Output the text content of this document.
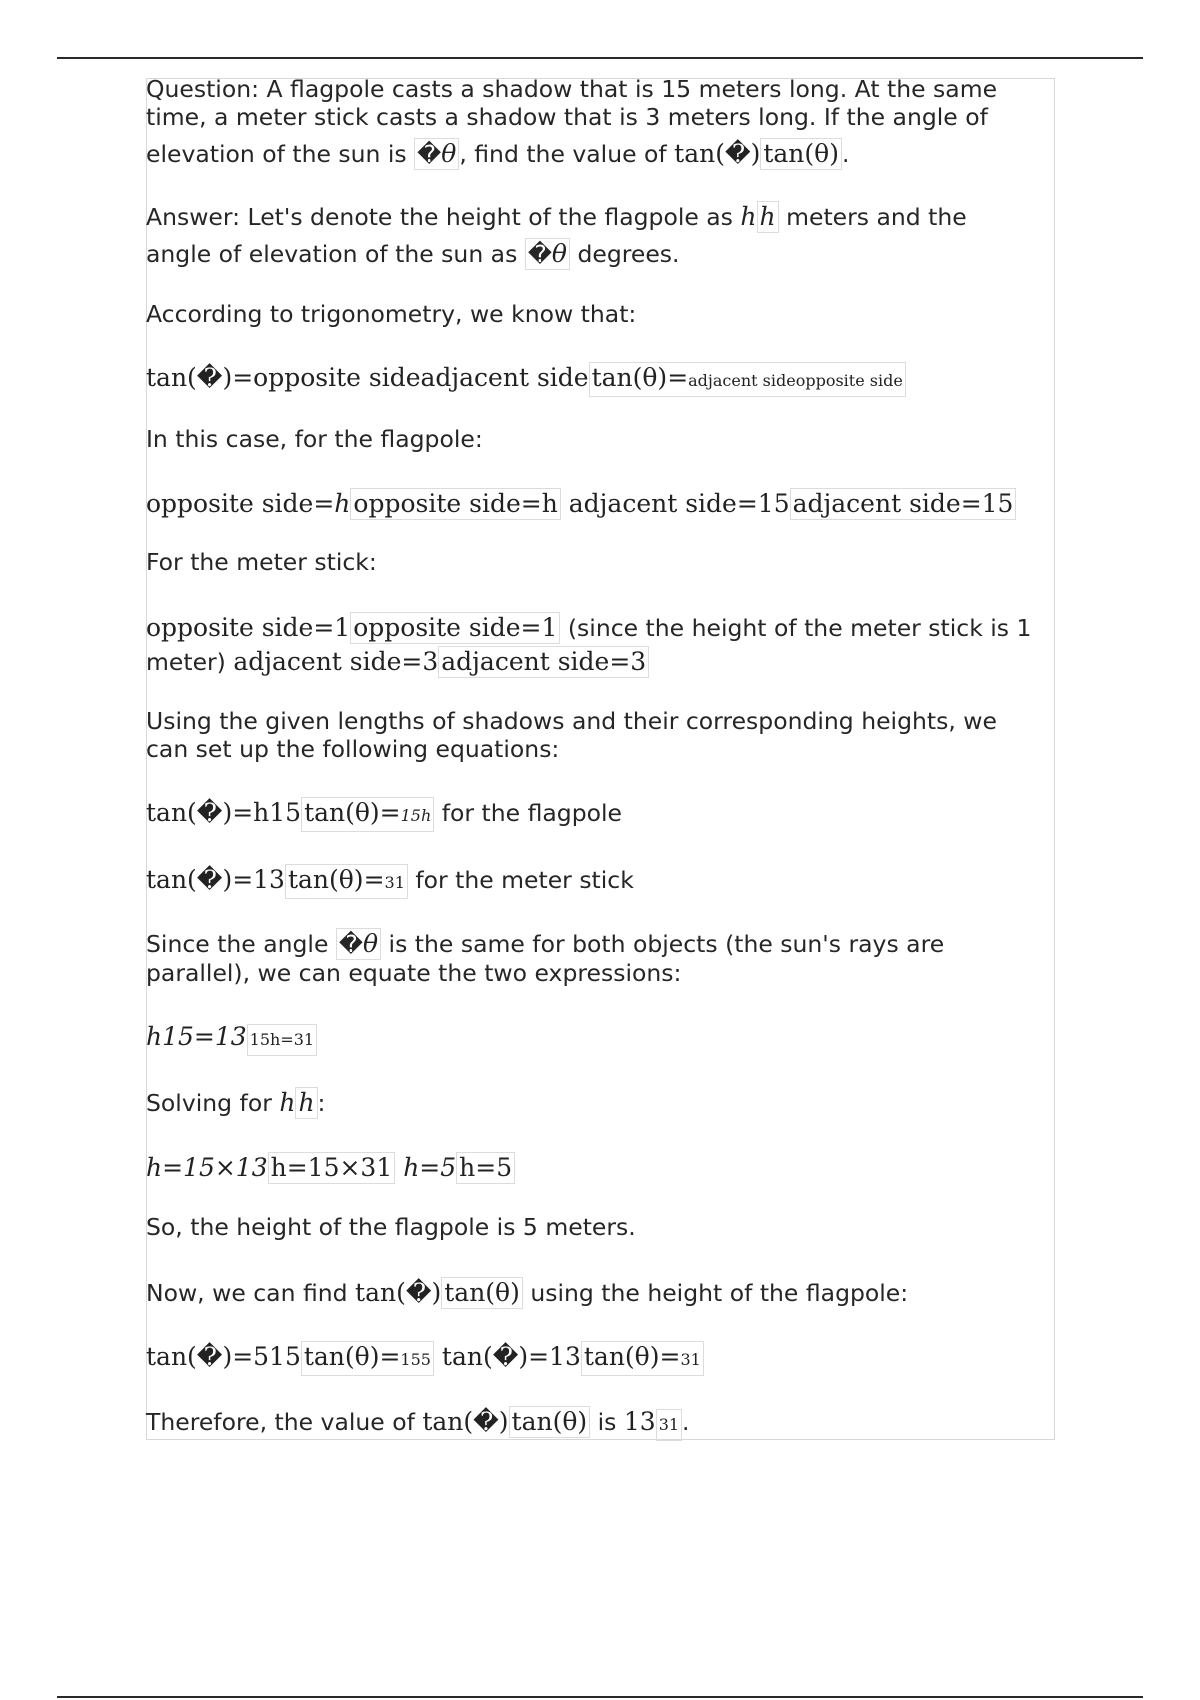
Question: A flagpole casts a shadow that is 15 meters long. At the same

time, a meter stick casts a shadow that is 3 meters long. If the angle of

elevation of the sun is �θ , find the value of tan(�) tan(θ) .

Answer: Let's denote the height of the flagpole as h h meters and the

angle of elevation of the sun as �θ degrees.

According to trigonometry, we know that:

tan(�)=opposite sideadjacent side tan(θ)=adjacent sideopposite side

In this case, for the flagpole:

opposite side=h opposite side=h adjacent side=15 adjacent side=15

For the meter stick:

opposite side=1 opposite side=1 (since the height of the meter stick is 1

meter) adjacent side=3 adjacent side=3

Using the given lengths of shadows and their corresponding heights, we

can set up the following equations:

tan(�)=h15 tan(θ)=15h for the flagpole

tan(�)=13 tan(θ)=31 for the meter stick

Since the angle �θ is the same for both objects (the sun's rays are

parallel), we can equate the two expressions:

h15=13 15h=31

Solving for h h :

h=15×13 h=15×31 h=5 h=5

So, the height of the flagpole is 5 meters.

Now, we can find tan(�) tan(θ) using the height of the flagpole:

tan(�)=515 tan(θ)=155 tan(�)=13 tan(θ)=31

Therefore, the value of tan(�) tan(θ) is 13 31 .
